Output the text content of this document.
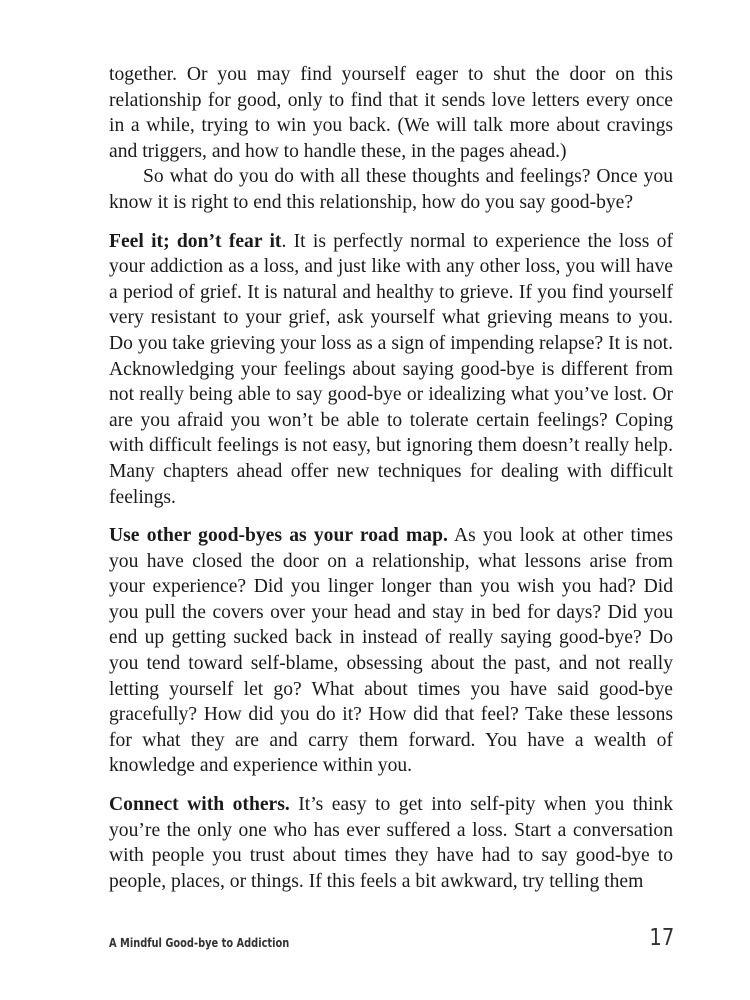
together. Or you may find yourself eager to shut the door on this relationship for good, only to find that it sends love letters every once in a while, trying to win you back. (We will talk more about cravings and triggers, and how to handle these, in the pages ahead.)

So what do you do with all these thoughts and feelings? Once you know it is right to end this relationship, how do you say good-bye?

Feel it; don’t fear it. It is perfectly normal to experience the loss of your addiction as a loss, and just like with any other loss, you will have a period of grief. It is natural and healthy to grieve. If you find yourself very resistant to your grief, ask yourself what grieving means to you. Do you take grieving your loss as a sign of impending relapse? It is not. Acknowledging your feelings about saying good-bye is different from not really being able to say good-bye or idealizing what you’ve lost. Or are you afraid you won’t be able to tolerate certain feelings? Coping with difficult feelings is not easy, but ignoring them doesn’t really help. Many chapters ahead offer new techniques for dealing with difficult feelings.

Use other good-byes as your road map. As you look at other times you have closed the door on a relationship, what lessons arise from your experience? Did you linger longer than you wish you had? Did you pull the covers over your head and stay in bed for days? Did you end up getting sucked back in instead of really saying good-bye? Do you tend toward self-blame, obsessing about the past, and not really letting yourself let go? What about times you have said good-bye gracefully? How did you do it? How did that feel? Take these lessons for what they are and carry them forward. You have a wealth of knowledge and experience within you.

Connect with others. It’s easy to get into self-pity when you think you’re the only one who has ever suffered a loss. Start a conversation with people you trust about times they have had to say good-bye to people, places, or things. If this feels a bit awkward, try telling them

A Mindful Good-bye to Addiction	17
